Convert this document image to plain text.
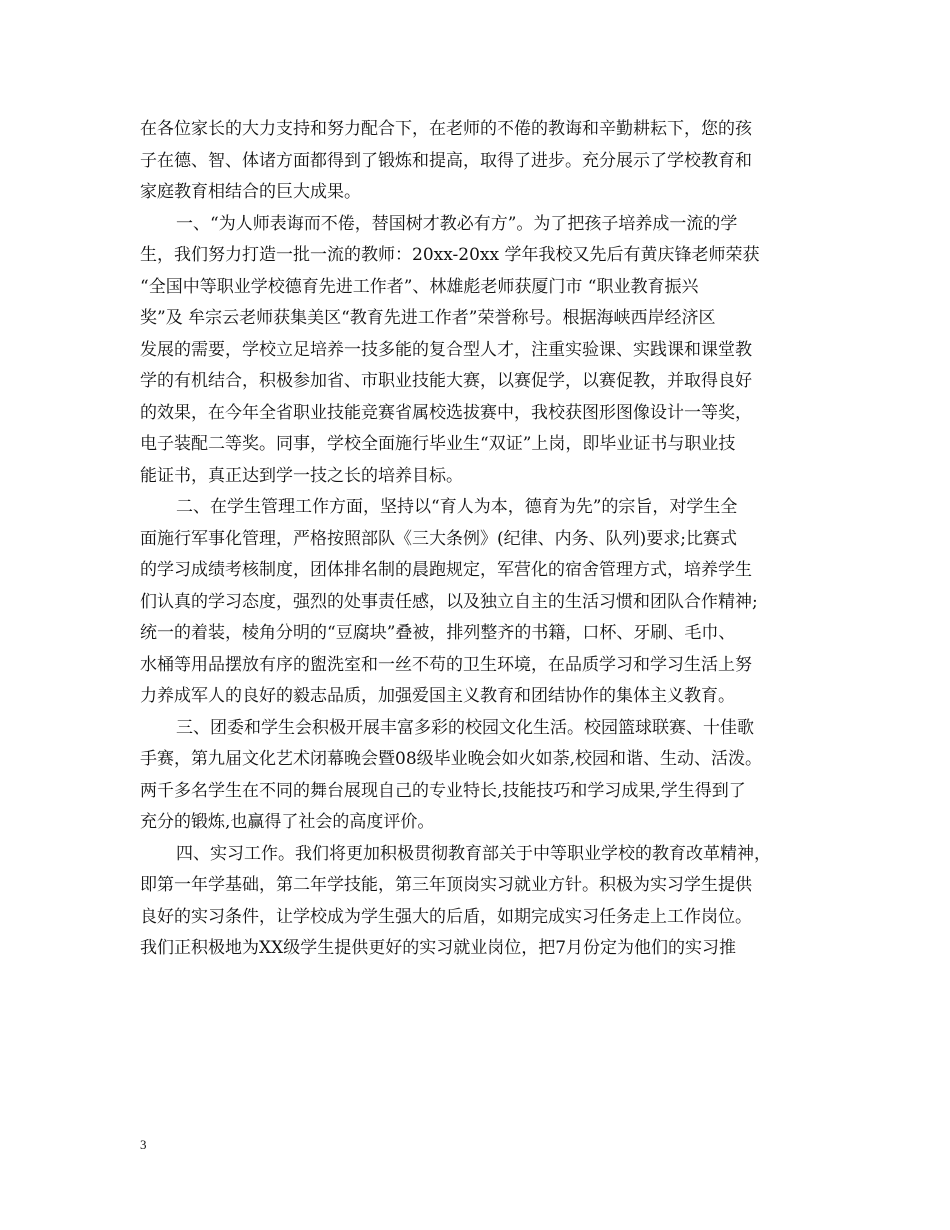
在各位家长的大力支持和努力配合下，在老师的不倦的教诲和辛勤耕耘下，您的孩
子在德、智、体诸方面都得到了锻炼和提高，取得了进步。充分展示了学校教育和
家庭教育相结合的巨大成果。
一、“为人师表诲而不倦，替国树才教必有方”。为了把孩子培养成一流的学
生，我们努力打造一批一流的教师：20xx-20xx 学年我校又先后有黄庆锋老师荣获
“全国中等职业学校德育先进工作者”、林雄彪老师获厦门市 “职业教育振兴
奖”及 牟宗云老师获集美区“教育先进工作者”荣誉称号。根据海峡西岸经济区
发展的需要，学校立足培养一技多能的复合型人才，注重实验课、实践课和课堂教
学的有机结合，积极参加省、市职业技能大赛，以赛促学，以赛促教，并取得良好
的效果，在今年全省职业技能竞赛省属校选拔赛中，我校获图形图像设计一等奖，
电子装配二等奖。同事，学校全面施行毕业生“双证”上岗，即毕业证书与职业技
能证书，真正达到学一技之长的培养目标。
二、在学生管理工作方面，坚持以“育人为本，德育为先”的宗旨，对学生全
面施行军事化管理，严格按照部队《三大条例》(纪律、内务、队列)要求;比赛式
的学习成绩考核制度，团体排名制的晨跑规定，军营化的宿舍管理方式，培养学生
们认真的学习态度，强烈的处事责任感，以及独立自主的生活习惯和团队合作精神;
统一的着装，棱角分明的“豆腐块”叠被，排列整齐的书籍，口杯、牙刷、毛巾、
水桶等用品摆放有序的盥洗室和一丝不苟的卫生环境，在品质学习和学习生活上努
力养成军人的良好的毅志品质，加强爱国主义教育和团结协作的集体主义教育。
三、团委和学生会积极开展丰富多彩的校园文化生活。校园篮球联赛、十佳歌
手赛，第九届文化艺术闭幕晚会暨08级毕业晚会如火如荼,校园和谐、生动、活泼。
两千多名学生在不同的舞台展现自己的专业特长,技能技巧和学习成果,学生得到了
充分的锻炼,也赢得了社会的高度评价。
四、实习工作。我们将更加积极贯彻教育部关于中等职业学校的教育改革精神，
即第一年学基础，第二年学技能，第三年顶岗实习就业方针。积极为实习学生提供
良好的实习条件，让学校成为学生强大的后盾，如期完成实习任务走上工作岗位。
我们正积极地为XX级学生提供更好的实习就业岗位，把7月份定为他们的实习推
3
